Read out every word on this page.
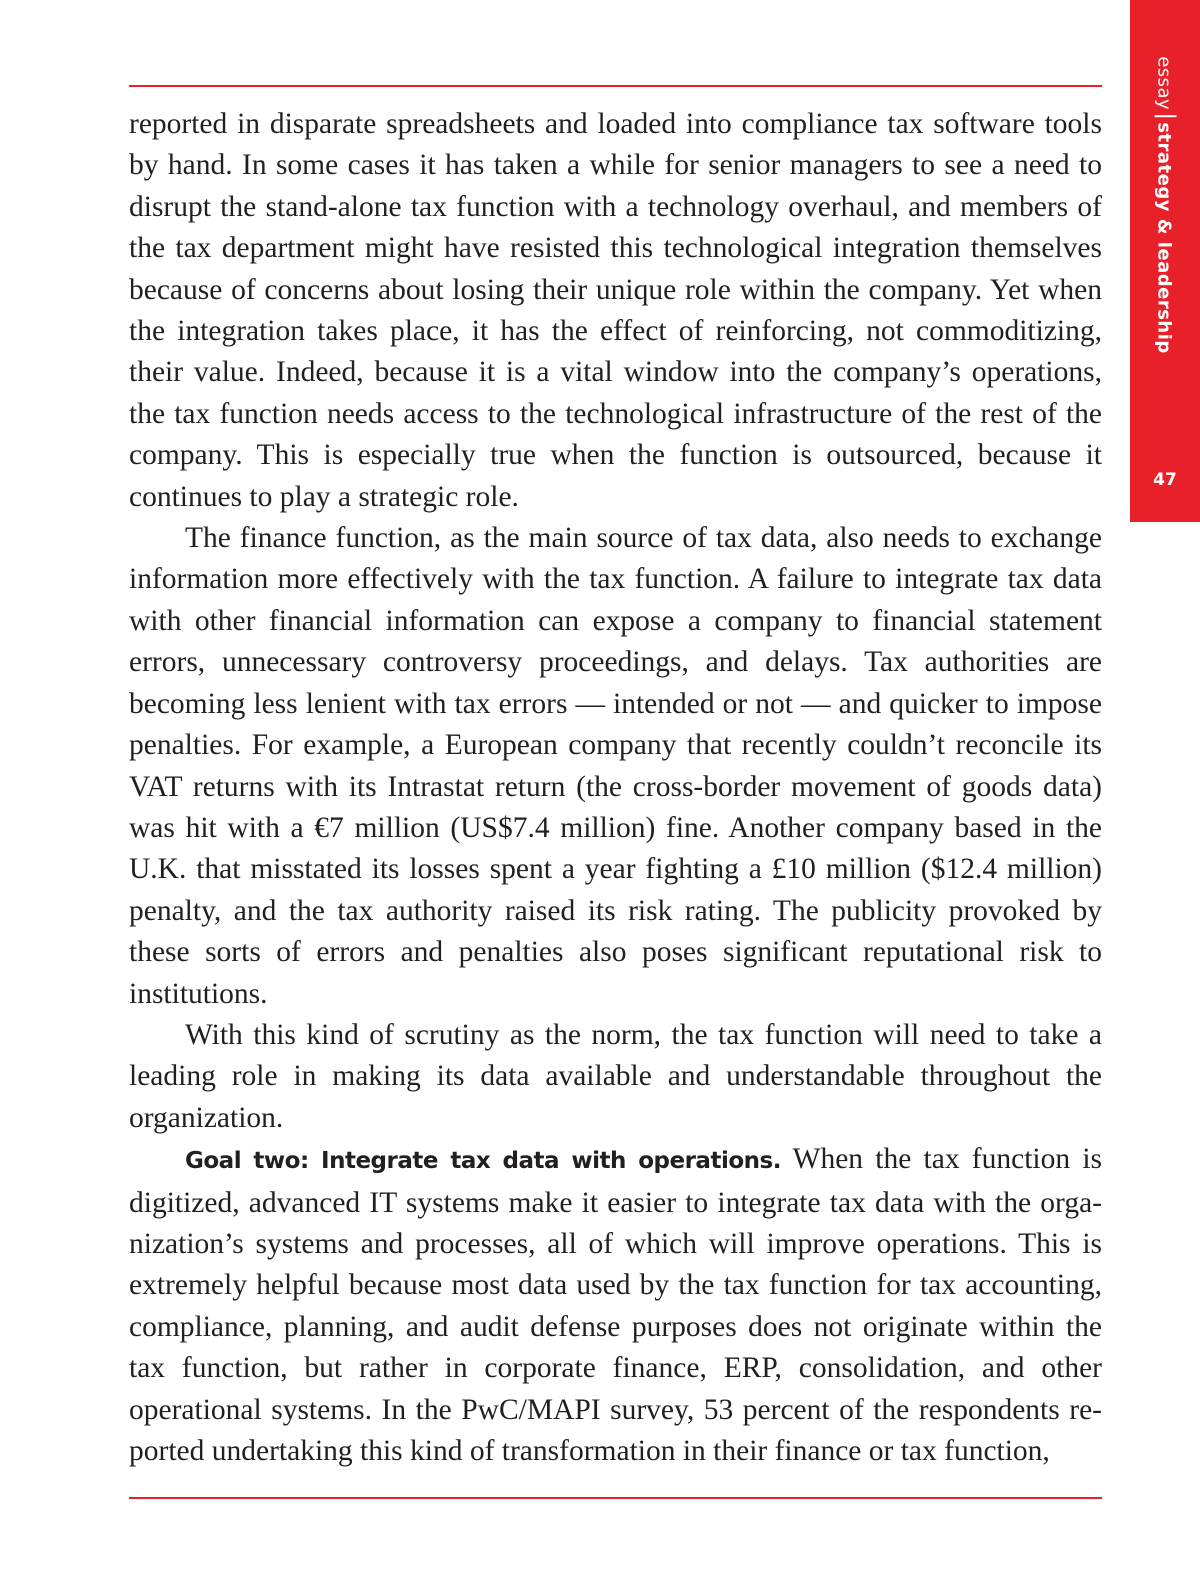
essaystrategy & leadership
47

reported in disparate spreadsheets and loaded into compliance tax software tools by hand. In some cases it has taken a while for senior managers to see a need to disrupt the stand-alone tax function with a technology overhaul, and members of the tax department might have resisted this technological integration themselves because of concerns about losing their unique role within the company. Yet when the integration takes place, it has the effect of reinforcing, not commoditizing, their value. Indeed, because it is a vital window into the company’s operations, the tax function needs access to the technological infrastructure of the rest of the company. This is especially true when the function is outsourced, because it continues to play a strategic role.

The finance function, as the main source of tax data, also needs to exchange information more effectively with the tax function. A failure to integrate tax data with other financial information can expose a company to financial statement errors, unnecessary controversy proceedings, and delays. Tax authorities are becoming less lenient with tax errors — intended or not — and quicker to impose penalties. For example, a European company that recently couldn’t reconcile its VAT returns with its Intrastat return (the cross-border movement of goods data) was hit with a €7 million (US$7.4 million) fine. Another company based in the U.K. that misstated its losses spent a year fighting a £10 million ($12.4 million) penalty, and the tax authority raised its risk rating. The publicity provoked by these sorts of errors and penalties also poses significant reputational risk to institutions.

With this kind of scrutiny as the norm, the tax function will need to take a leading role in making its data available and understandable throughout the organization.

Goal two: Integrate tax data with operations. When the tax function is digitized, advanced IT systems make it easier to integrate tax data with the organization’s systems and processes, all of which will improve operations. This is extremely helpful because most data used by the tax function for tax accounting, compliance, planning, and audit defense purposes does not originate within the tax function, but rather in corporate finance, ERP, consolidation, and other operational systems. In the PwC/MAPI survey, 53 percent of the respondents reported undertaking this kind of transformation in their finance or tax function,
